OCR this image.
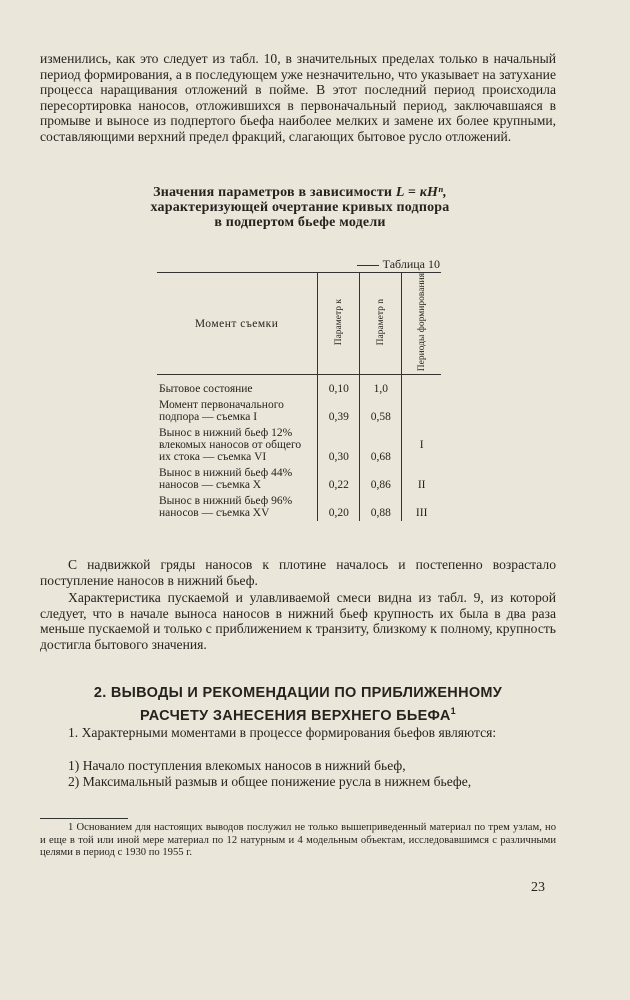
изменились, как это следует из табл. 10, в значительных пределах только в начальный период формирования, а в последующем уже незначительно, что указывает на затухание процесса наращивания отложений в пойме. В этот последний период происходила пересортировка наносов, отложившихся в первоначальный период, заключавшаяся в промыве и выносе из подпертого бьефа наиболее мелких и замене их более крупными, составляющими верхний предел фракций, слагающих бытовое русло отложений.

Значения параметров в зависимости L = кHⁿ, характеризующей очертание кривых подпора в подпертом бьефе модели

Таблица 10
Момент съемки	Параметр к	Параметр n	Периоды формирования
Бытовое состояние	0,10	1,0	
Момент первоначального подпора — съемка I	0,39	0,58	
Вынос в нижний бьеф 12% влекомых наносов от общего их стока — съемка VI	0,30	0,68	I
Вынос в нижний бьеф 44% наносов — съемка X	0,22	0,86	II
Вынос в нижний бьеф 96% наносов — съемка XV	0,20	0,88	III

С надвижкой гряды наносов к плотине началось и постепенно возрастало поступление наносов в нижний бьеф.

Характеристика пускаемой и улавливаемой смеси видна из табл. 9, из которой следует, что в начале выноса наносов в нижний бьеф крупность их была в два раза меньше пускаемой и только с приближением к транзиту, близкому к полному, крупность достигла бытового значения.

2. ВЫВОДЫ И РЕКОМЕНДАЦИИ ПО ПРИБЛИЖЕННОМУ РАСЧЕТУ ЗАНЕСЕНИЯ ВЕРХНЕГО БЬЕФА$^1$

1. Характерными моментами в процессе формирования бьефов являются:

1) Начало поступления влекомых наносов в нижний бьеф,

2) Максимальный размыв и общее понижение русла в нижнем бьефе,

1 Основанием для настоящих выводов послужил не только вышеприведенный материал по трем узлам, но и еще в той или иной мере материал по 12 натурным и 4 модельным объектам, исследовавшимся с различными целями в период с 1930 по 1955 г.

23
